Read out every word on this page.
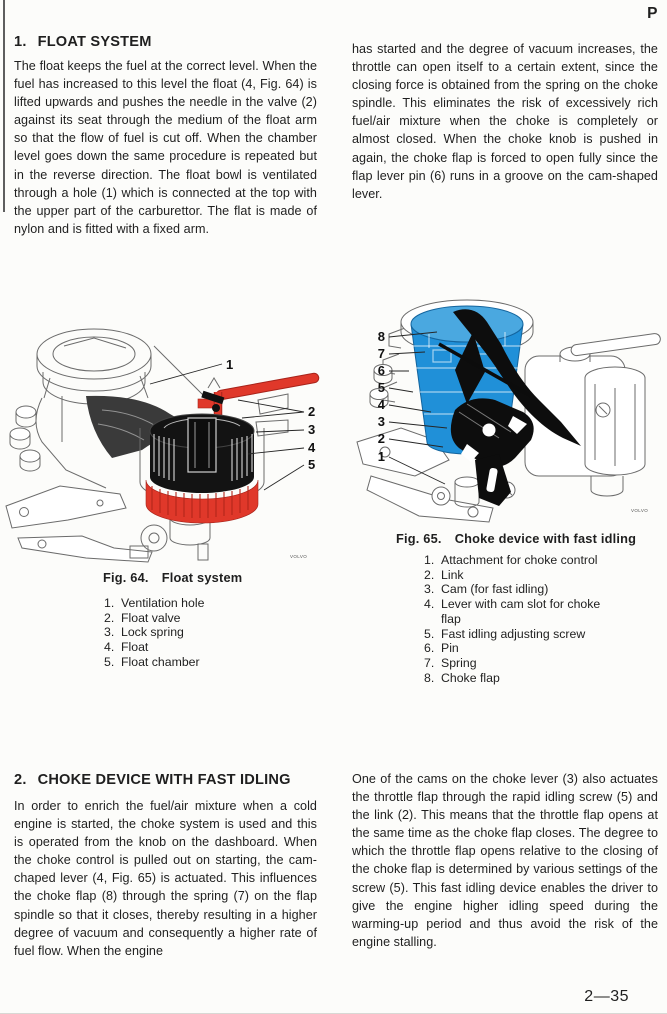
P
1. FLOAT SYSTEM
The float keeps the fuel at the correct level. When the fuel has increased to this level the float (4, Fig. 64) is lifted upwards and pushes the needle in the valve (2) against its seat through the medium of the float arm so that the flow of fuel is cut off. When the chamber level goes down the same procedure is repeated but in the reverse direction. The float bowl is ventilated through a hole (1) which is connected at the top with the upper part of the carburettor. The flat is made of nylon and is fitted with a fixed arm.
has started and the degree of vacuum increases, the throttle can open itself to a certain extent, since the closing force is obtained from the spring on the choke spindle. This eliminates the risk of excessively rich fuel/air mixture when the choke is completely or almost closed. When the choke knob is pushed in again, the choke flap is forced to open fully since the flap lever pin (6) runs in a groove on the cam-shaped lever.
1
2
3
4
5
VOLVO
Fig. 64. Float system
1. Ventilation hole
2. Float valve
3. Lock spring
4. Float
5. Float chamber
8
7
6
5
4
3
2
1
VOLVO
Fig. 65. Choke device with fast idling
1. Attachment for choke control
2. Link
3. Cam (for fast idling)
4. Lever with cam slot for choke flap
5. Fast idling adjusting screw
6. Pin
7. Spring
8. Choke flap
2. CHOKE DEVICE WITH FAST IDLING
In order to enrich the fuel/air mixture when a cold engine is started, the choke system is used and this is operated from the knob on the dashboard. When the choke control is pulled out on starting, the cam-chaped lever (4, Fig. 65) is actuated. This influences the choke flap (8) through the spring (7) on the flap spindle so that it closes, thereby resulting in a higher degree of vacuum and consequently a higher rate of fuel flow. When the engine
One of the cams on the choke lever (3) also actuates the throttle flap through the rapid idling screw (5) and the link (2). This means that the throttle flap opens at the same time as the choke flap closes. The degree to which the throttle flap opens relative to the closing of the choke flap is determined by various settings of the screw (5). This fast idling device enables the driver to give the engine higher idling speed during the warming-up period and thus avoid the risk of the engine stalling.
2—35
